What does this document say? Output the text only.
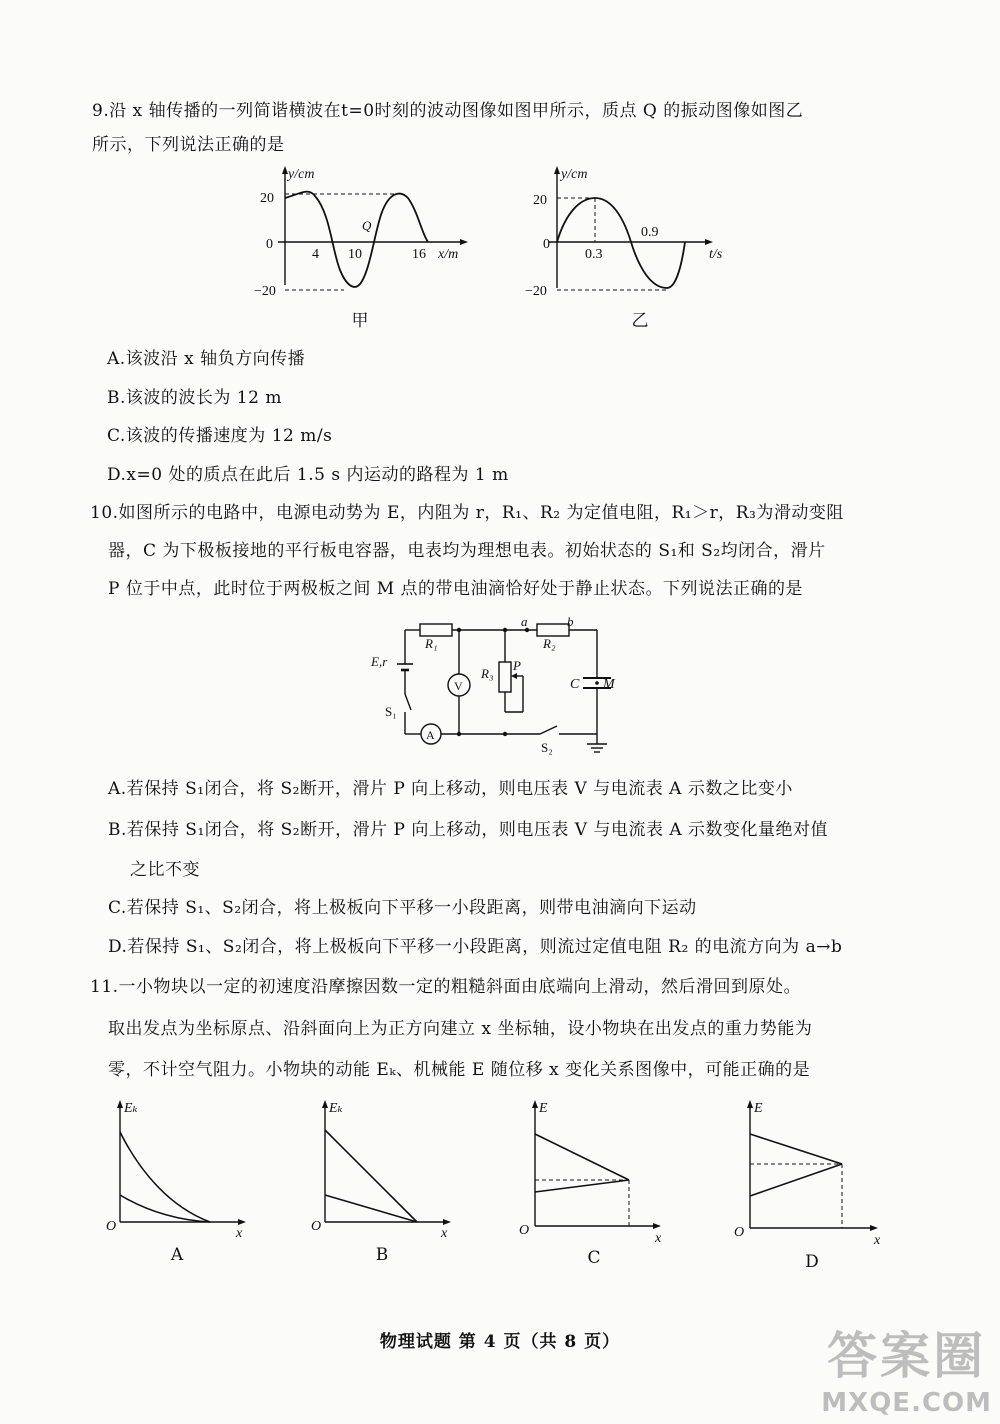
9.沿 x 轴传播的一列简谐横波在t=0时刻的波动图像如图甲所示，质点 Q 的振动图像如图乙
所示，下列说法正确的是
y/cm
20
0
−20
4 10	16 x/m
Q
甲
y/cm
20
0
−20
0.3
0.9
t/s
乙
A.该波沿 x 轴负方向传播
B.该波的波长为 12 m
C.该波的传播速度为 12 m/s
D.x=0 处的质点在此后 1.5 s 内运动的路程为 1 m
10.如图所示的电路中，电源电动势为 E，内阻为 r，R₁、R₂ 为定值电阻，R₁＞r，R₃为滑动变阻
器，C 为下极板接地的平行板电容器，电表均为理想电表。初始状态的 S₁和 S₂均闭合，滑片
P 位于中点，此时位于两极板之间 M 点的带电油滴恰好处于静止状态。下列说法正确的是
R₁	R₂
R₃
P
a	b
E,r
S₁
S₂
C M
V
A
A.若保持 S₁闭合，将 S₂断开，滑片 P 向上移动，则电压表 V 与电流表 A 示数之比变小
B.若保持 S₁闭合，将 S₂断开，滑片 P 向上移动，则电压表 V 与电流表 A 示数变化量绝对值
之比不变
C.若保持 S₁、S₂闭合，将上极板向下平移一小段距离，则带电油滴向下运动
D.若保持 S₁、S₂闭合，将上极板向下平移一小段距离，则流过定值电阻 R₂ 的电流方向为 a→b
11.一小物块以一定的初速度沿摩擦因数一定的粗糙斜面由底端向上滑动，然后滑回到原处。
取出发点为坐标原点、沿斜面向上为正方向建立 x 坐标轴，设小物块在出发点的重力势能为
零，不计空气阻力。小物块的动能 Eₖ、机械能 E 随位移 x 变化关系图像中，可能正确的是
Eₖ
O	x
A
Eₖ
O	x
B
E
O
x
C
E
O
x
D
物理试题 第 4 页（共 8 页）	答案圈
MXQE.COM
